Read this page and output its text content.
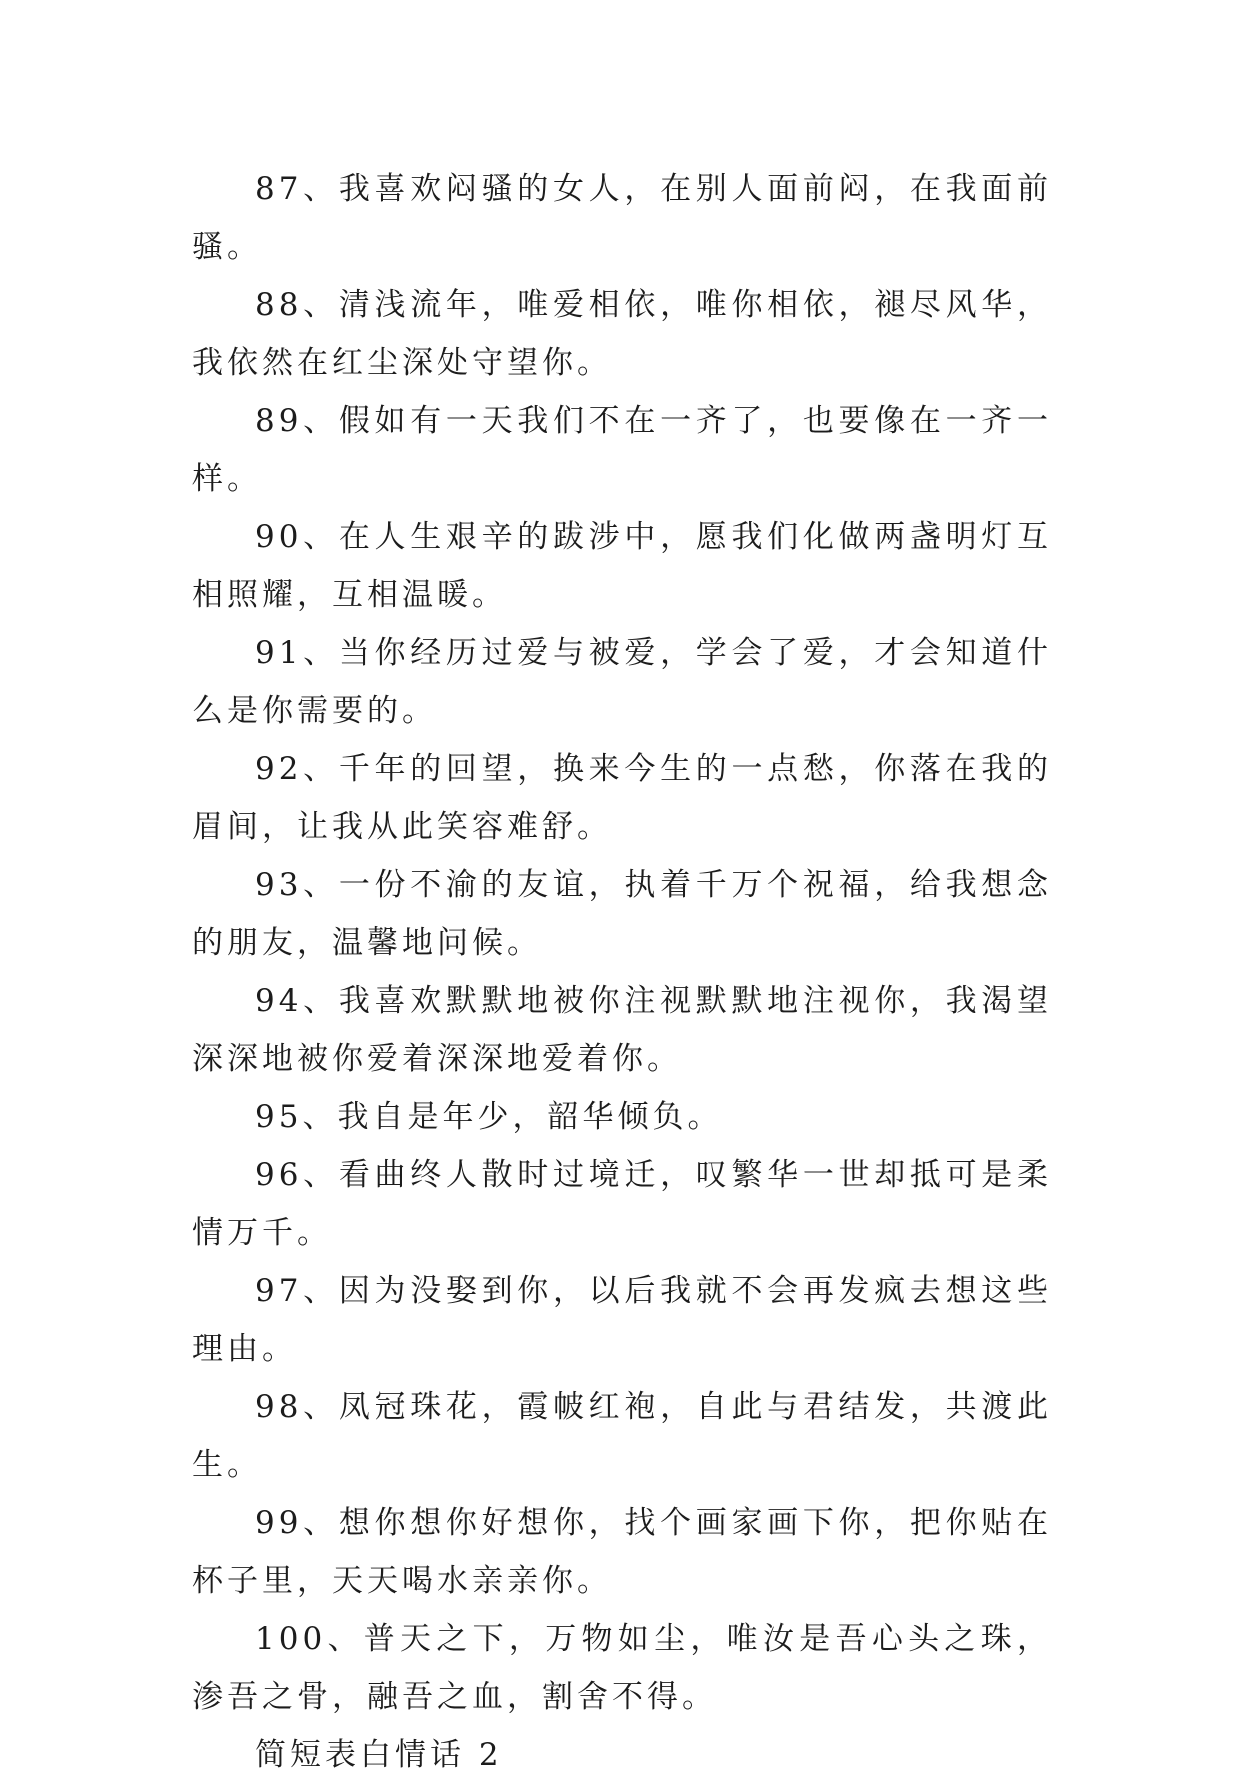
87、我喜欢闷骚的女人，在别人面前闷，在我面前骚。

88、清浅流年，唯爱相依，唯你相依，褪尽风华，我依然在红尘深处守望你。

89、假如有一天我们不在一齐了，也要像在一齐一样。

90、在人生艰辛的跋涉中，愿我们化做两盏明灯互相照耀，互相温暖。

91、当你经历过爱与被爱，学会了爱，才会知道什么是你需要的。

92、千年的回望，换来今生的一点愁，你落在我的眉间，让我从此笑容难舒。

93、一份不渝的友谊，执着千万个祝福，给我想念的朋友，温馨地问候。

94、我喜欢默默地被你注视默默地注视你，我渴望深深地被你爱着深深地爱着你。

95、我自是年少，韶华倾负。

96、看曲终人散时过境迁，叹繁华一世却抵可是柔情万千。

97、因为没娶到你，以后我就不会再发疯去想这些理由。

98、凤冠珠花，霞帔红袍，自此与君结发，共渡此生。

99、想你想你好想你，找个画家画下你，把你贴在杯子里，天天喝水亲亲你。

100、普天之下，万物如尘，唯汝是吾心头之珠，渗吾之骨，融吾之血，割舍不得。

简短表白情话 2
